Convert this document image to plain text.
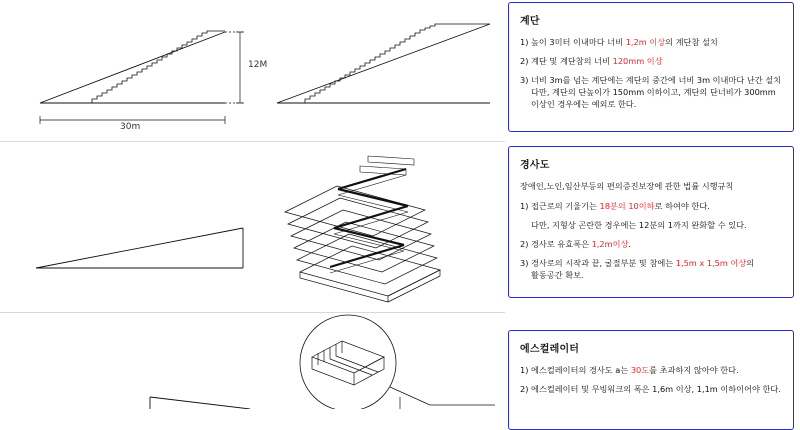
12M
30m
계단
1) 높이 3미터 이내마다 너비 1,2m 이상의 계단참 설치
2) 계단 및 계단참의 너비 120mm 이상
3) 너비 3m를 넘는 계단에는 계단의 중간에 너비 3m 이내마다 난간 설치
다만, 계단의 단높이가 150mm 이하이고, 계단의 단너비가 300mm
이상인 경우에는 예외로 한다.
경사도
장애인,노인,임산부등의 편의증진보장에 관한 법률 시행규칙
1) 접근로의 기울기는 18분의 10이하로 하여야 한다.
다만, 지형상 곤란한 경우에는 12분의 1까지 완화할 수 있다.
2) 경사로 유효폭은 1,2m이상.
3) 경사로의 시작과 끝, 굴절부분 및 참에는 1,5m x 1,5m 이상의
활동공간 확보.
에스컬레이터
1) 에스컬레이터의 경사도 a는 30도를 초과하지 않아야 한다.
2) 에스컬레이터 및 무빙워크의 폭은 1,6m 이상, 1,1m 이하이어야 한다.
